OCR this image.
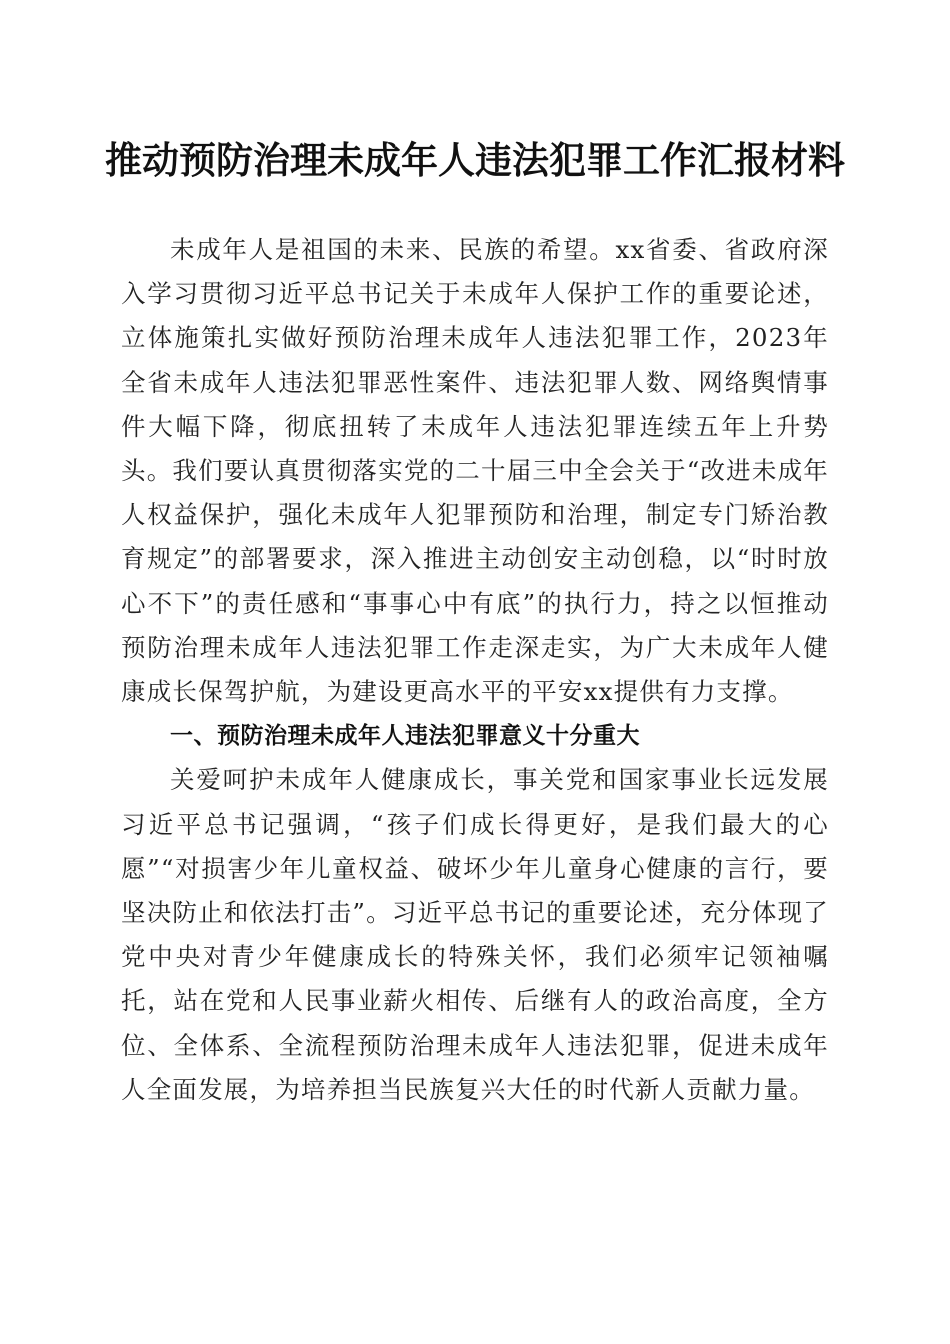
推动预防治理未成年人违法犯罪工作汇报材料

未成年人是祖国的未来、民族的希望。xx省委、省政府深入学习贯彻习近平总书记关于未成年人保护工作的重要论述，立体施策扎实做好预防治理未成年人违法犯罪工作，2023年全省未成年人违法犯罪恶性案件、违法犯罪人数、网络舆情事件大幅下降，彻底扭转了未成年人违法犯罪连续五年上升势头。我们要认真贯彻落实党的二十届三中全会关于“改进未成年人权益保护，强化未成年人犯罪预防和治理，制定专门矫治教育规定”的部署要求，深入推进主动创安主动创稳，以“时时放心不下”的责任感和“事事心中有底”的执行力，持之以恒推动预防治理未成年人违法犯罪工作走深走实，为广大未成年人健康成长保驾护航，为建设更高水平的平安xx提供有力支撑。

一、预防治理未成年人违法犯罪意义十分重大

关爱呵护未成年人健康成长，事关党和国家事业长远发展习近平总书记强调，“孩子们成长得更好，是我们最大的心愿”“对损害少年儿童权益、破坏少年儿童身心健康的言行，要坚决防止和依法打击”。习近平总书记的重要论述，充分体现了党中央对青少年健康成长的特殊关怀，我们必须牢记领袖嘱托，站在党和人民事业薪火相传、后继有人的政治高度，全方位、全体系、全流程预防治理未成年人违法犯罪，促进未成年人全面发展，为培养担当民族复兴大任的时代新人贡献力量。
